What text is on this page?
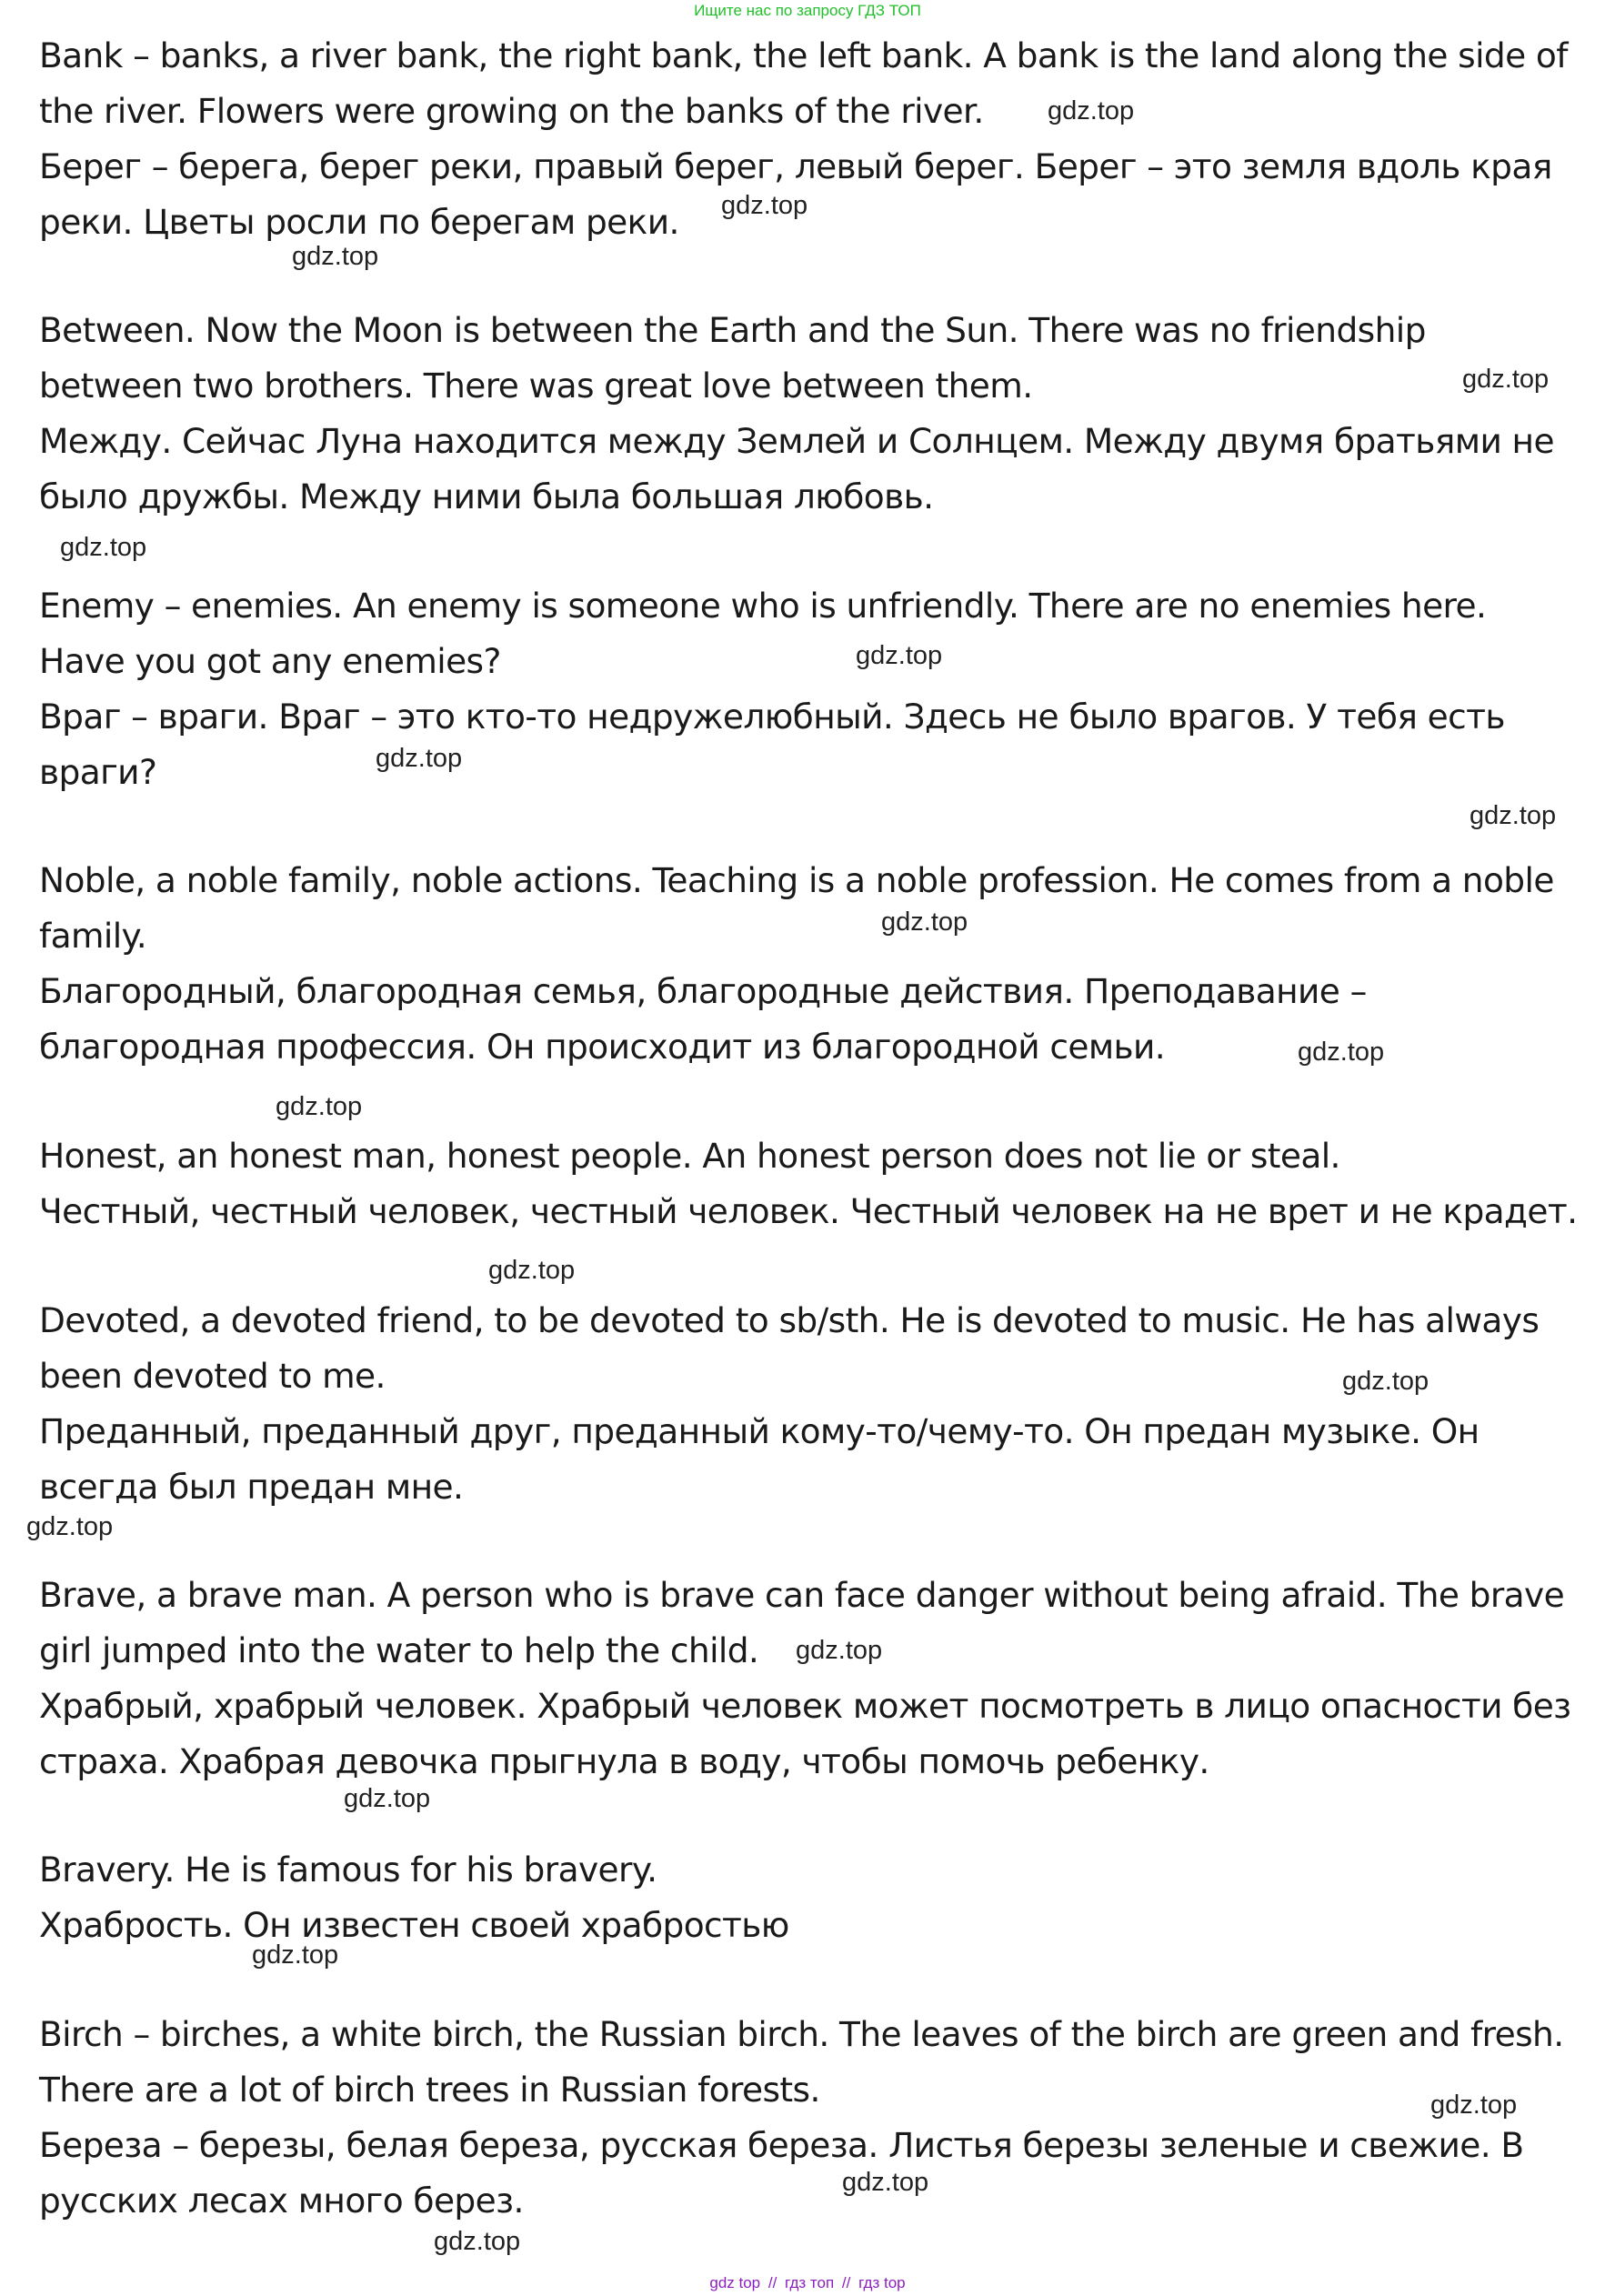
Ищите нас по запросу ГДЗ ТОП
Bank – banks, a river bank, the right bank, the left bank. A bank is the land along the side of
the river. Flowers were growing on the banks of the river.
Берег – берега, берег реки, правый берег, левый берег. Берег – это земля вдоль края
реки. Цветы росли по берегам реки.
Between. Now the Moon is between the Earth and the Sun. There was no friendship
between two brothers. There was great love between them.
Между. Сейчас Луна находится между Землей и Солнцем. Между двумя братьями не
было дружбы. Между ними была большая любовь.
Enemy – enemies. An enemy is someone who is unfriendly. There are no enemies here.
Have you got any enemies?
Враг – враги. Враг – это кто-то недружелюбный. Здесь не было врагов. У тебя есть
враги?
Noble, a noble family, noble actions. Teaching is a noble profession. He comes from a noble
family.
Благородный, благородная семья, благородные действия. Преподавание –
благородная профессия. Он происходит из благородной семьи.
Honest, an honest man, honest people. An honest person does not lie or steal.
Честный, честный человек, честный человек. Честный человек на не врет и не крадет.
Devoted, a devoted friend, to be devoted to sb/sth. He is devoted to music. He has always
been devoted to me.
Преданный, преданный друг, преданный кому-то/чему-то. Он предан музыке. Он
всегда был предан мне.
Brave, a brave man. A person who is brave can face danger without being afraid. The brave
girl jumped into the water to help the child.
Храбрый, храбрый человек. Храбрый человек может посмотреть в лицо опасности без
страха. Храбрая девочка прыгнула в воду, чтобы помочь ребенку.
Bravery. He is famous for his bravery.
Храбрость. Он известен своей храбростью
Birch – birches, a white birch, the Russian birch. The leaves of the birch are green and fresh.
There are a lot of birch trees in Russian forests.
Береза – березы, белая береза, русская береза. Листья березы зеленые и свежие. В
русских лесах много берез.
gdz.top
gdz.top
gdz.top
gdz.top
gdz.top
gdz.top
gdz.top
gdz.top
gdz.top
gdz.top
gdz.top
gdz.top
gdz.top
gdz.top
gdz.top
gdz.top
gdz.top
gdz.top
gdz.top
gdz.top
gdz top // гдз топ // гдз top
